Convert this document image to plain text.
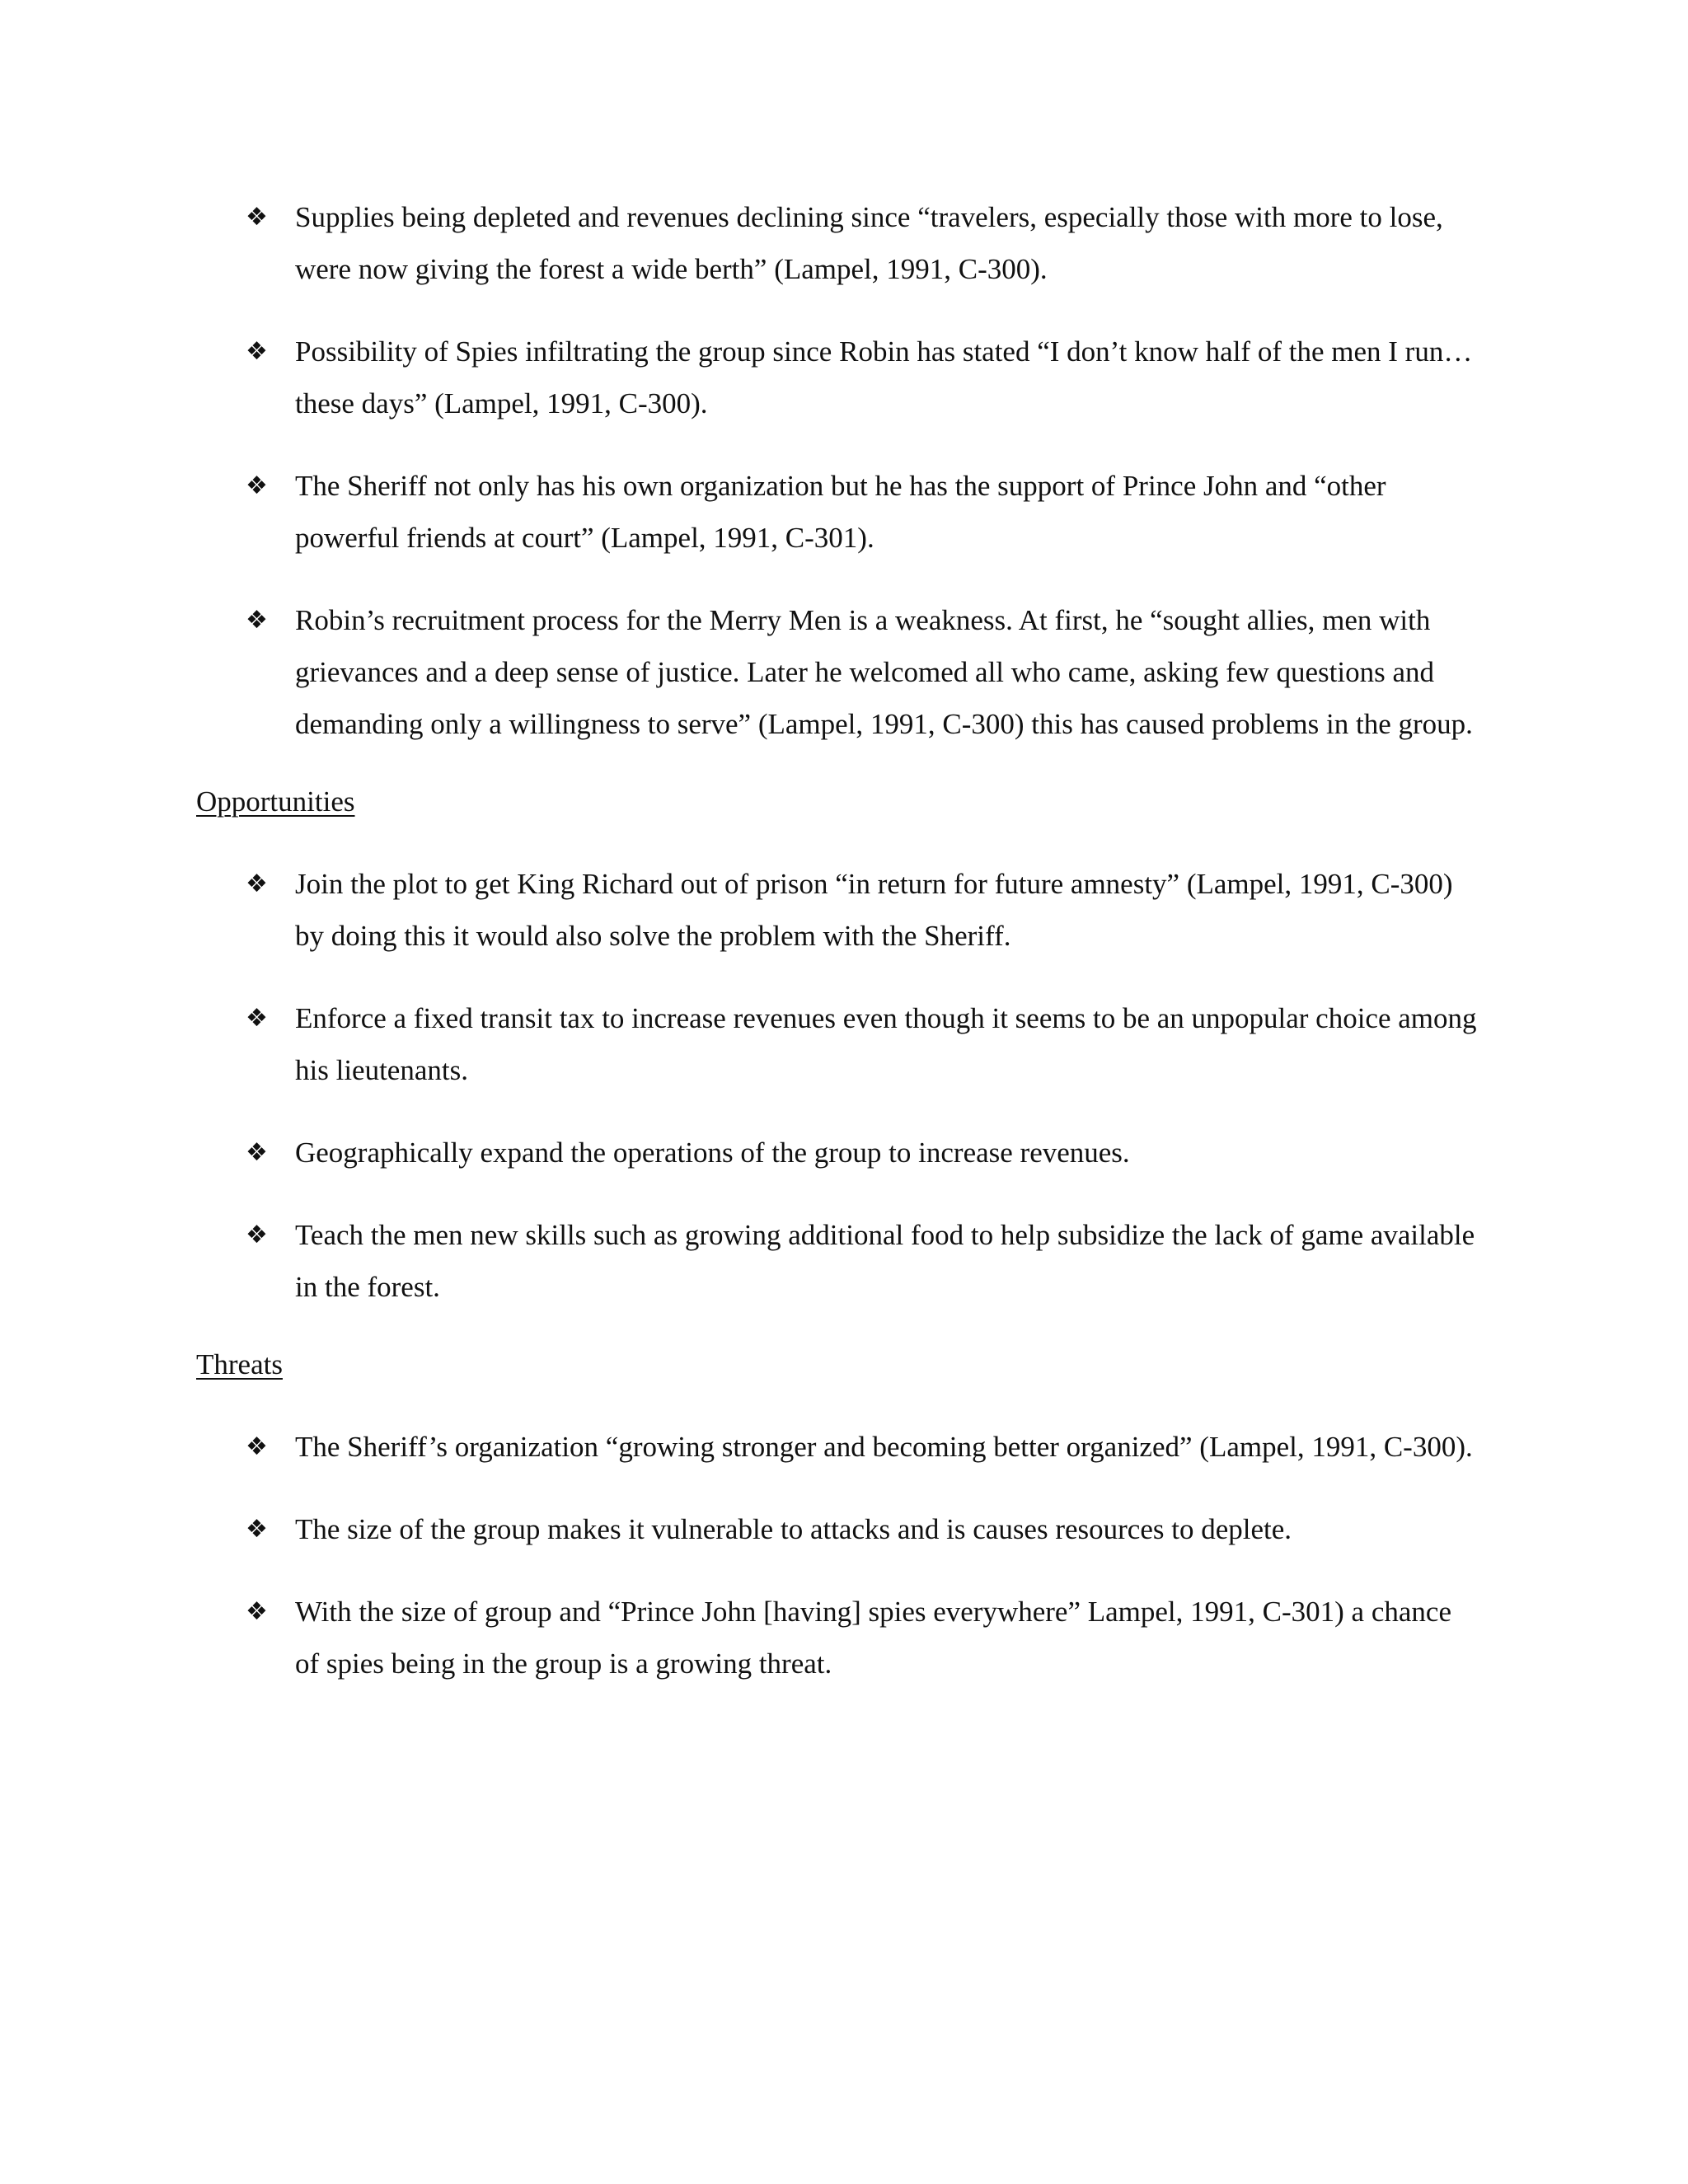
❖ Supplies being depleted and revenues declining since “travelers, especially those with more to lose, were now giving the forest a wide berth” (Lampel, 1991, C-300).
❖ Possibility of Spies infiltrating the group since Robin has stated “I don’t know half of the men I run…these days” (Lampel, 1991, C-300).
❖ The Sheriff not only has his own organization but he has the support of Prince John and “other powerful friends at court” (Lampel, 1991, C-301).
❖ Robin’s recruitment process for the Merry Men is a weakness. At first, he “sought allies, men with grievances and a deep sense of justice. Later he welcomed all who came, asking few questions and demanding only a willingness to serve” (Lampel, 1991, C-300) this has caused problems in the group.
Opportunities
❖ Join the plot to get King Richard out of prison “in return for future amnesty” (Lampel, 1991, C-300) by doing this it would also solve the problem with the Sheriff.
❖ Enforce a fixed transit tax to increase revenues even though it seems to be an unpopular choice among his lieutenants.
❖ Geographically expand the operations of the group to increase revenues.
❖ Teach the men new skills such as growing additional food to help subsidize the lack of game available in the forest.
Threats
❖ The Sheriff’s organization “growing stronger and becoming better organized” (Lampel, 1991, C-300).
❖ The size of the group makes it vulnerable to attacks and is causes resources to deplete.
❖ With the size of group and “Prince John [having] spies everywhere” Lampel, 1991, C-301) a chance of spies being in the group is a growing threat.
